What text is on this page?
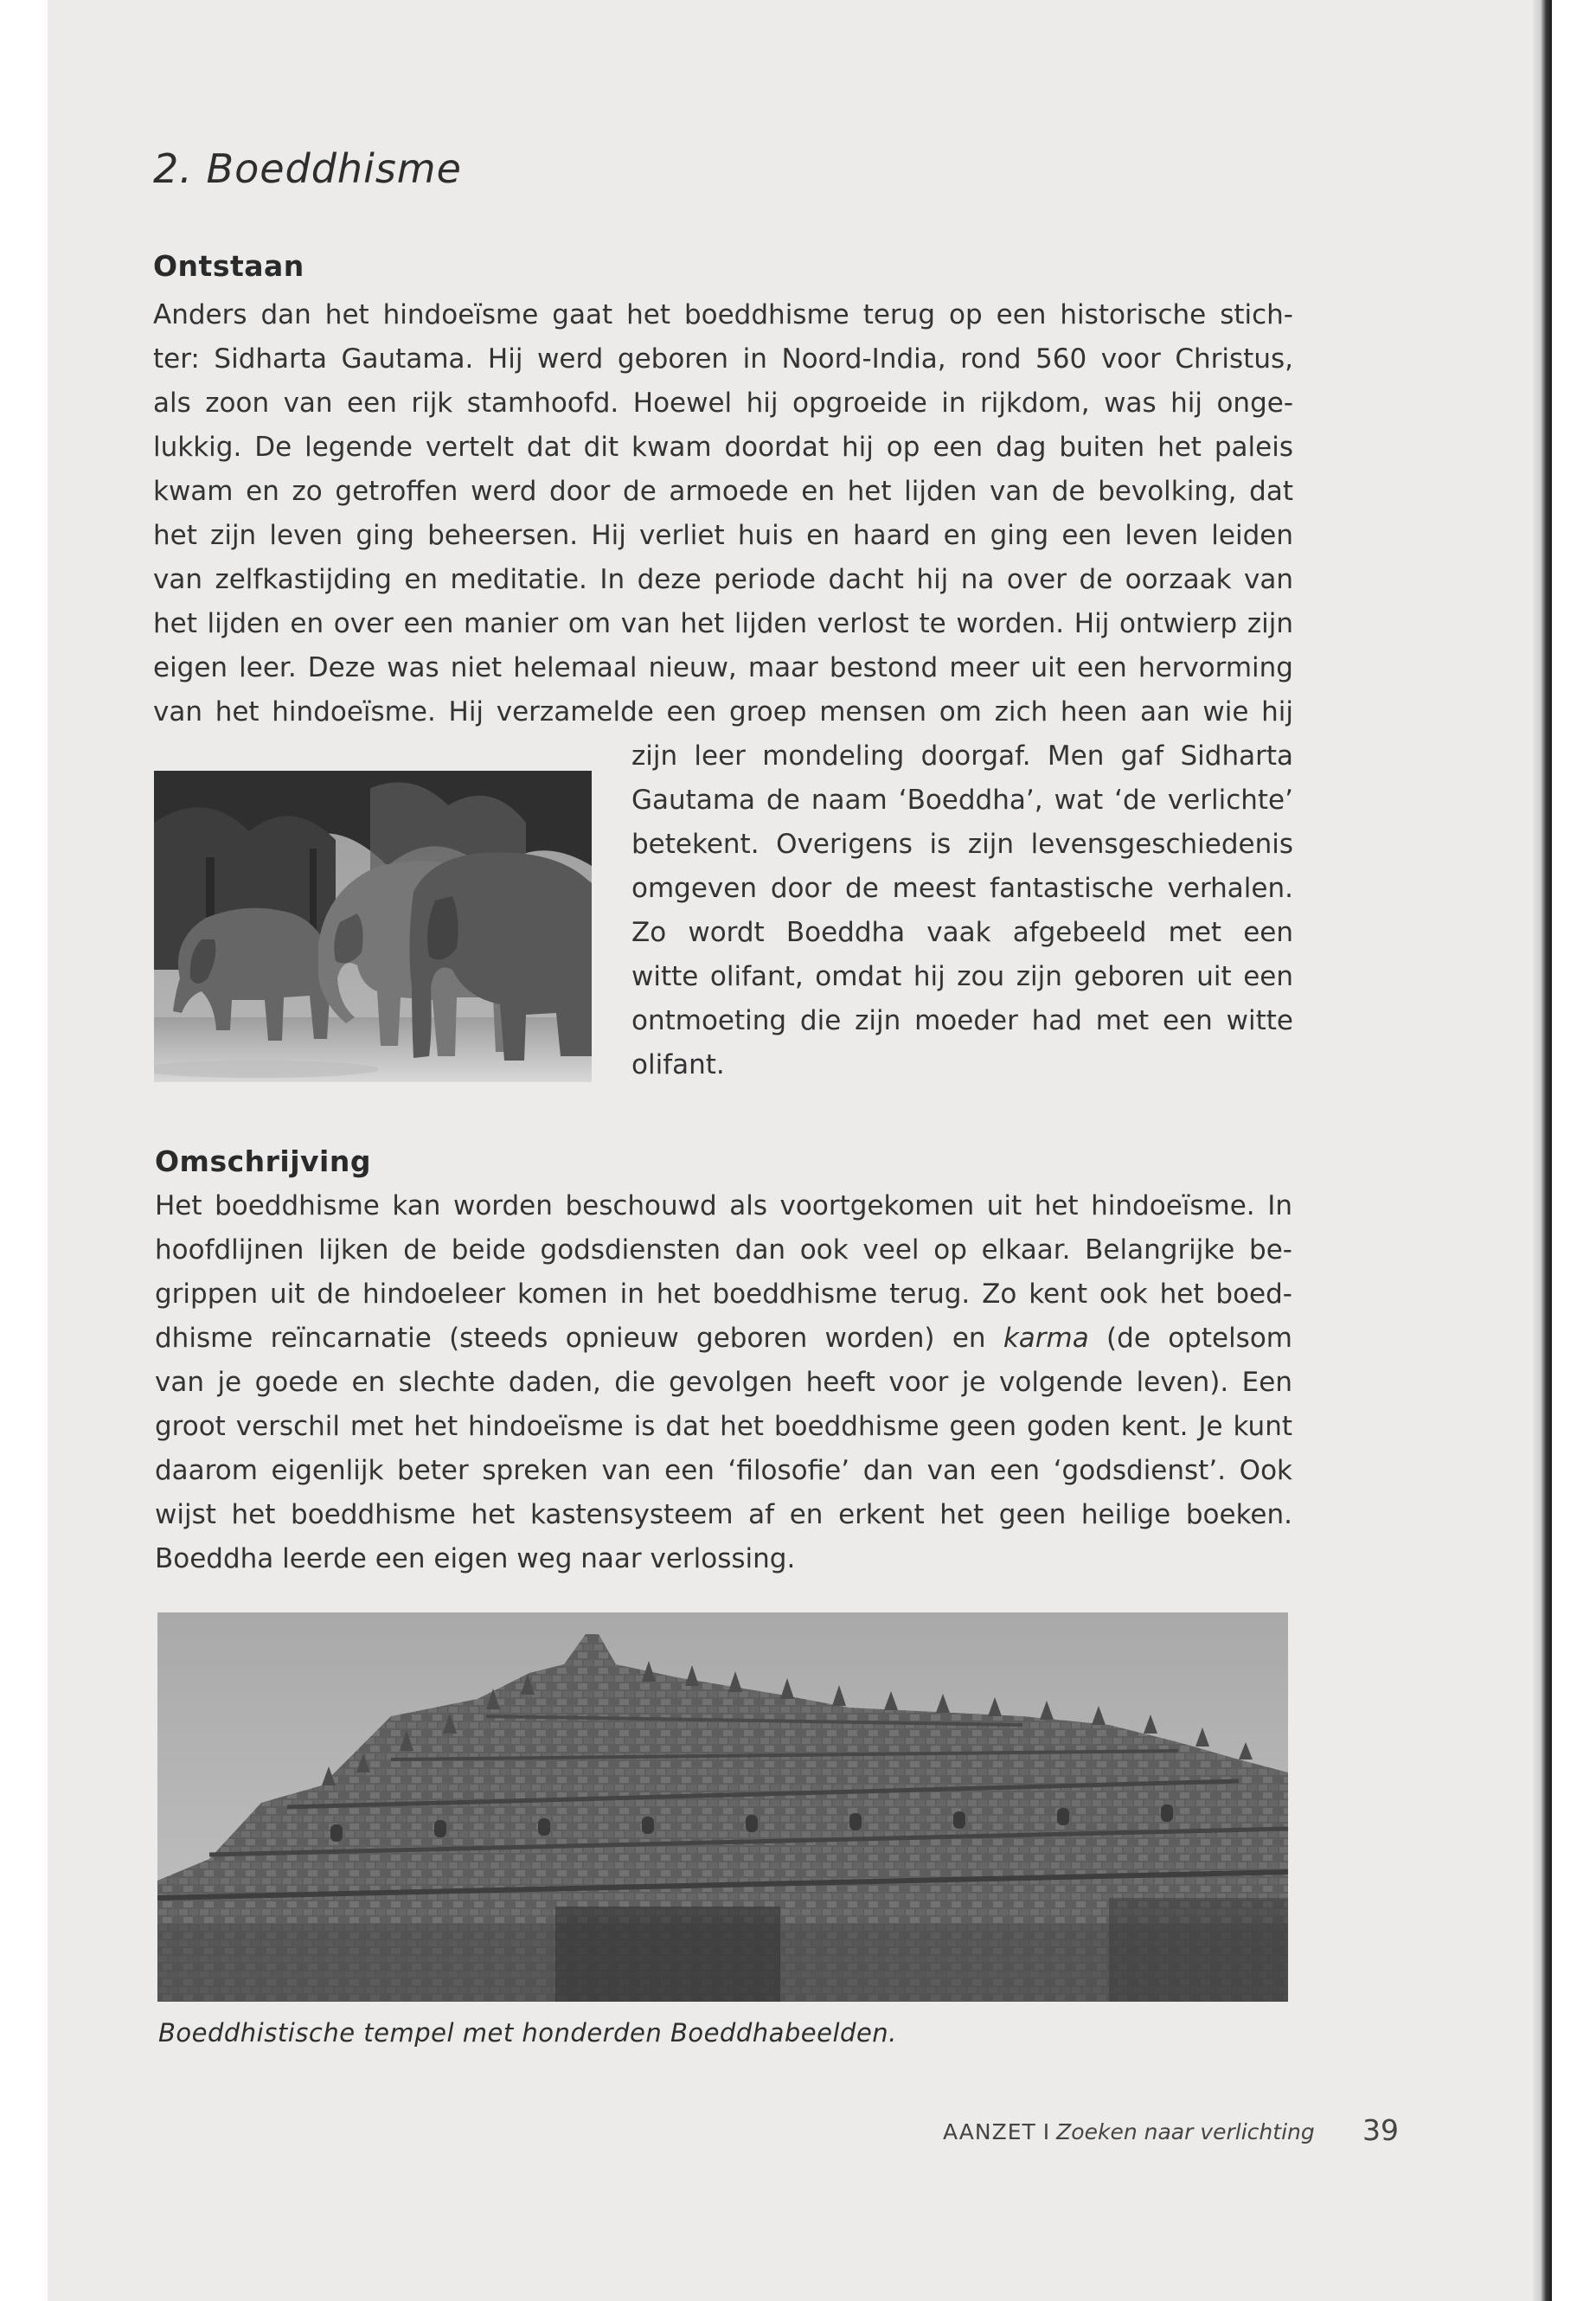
2. Boeddhisme
Ontstaan
Anders dan het hindoeïsme gaat het boeddhisme terug op een historische stich-
ter: Sidharta Gautama. Hij werd geboren in Noord-India, rond 560 voor Christus,
als zoon van een rijk stamhoofd. Hoewel hij opgroeide in rijkdom, was hij onge-
lukkig. De legende vertelt dat dit kwam doordat hij op een dag buiten het paleis
kwam en zo getroffen werd door de armoede en het lijden van de bevolking, dat
het zijn leven ging beheersen. Hij verliet huis en haard en ging een leven leiden
van zelfkastijding en meditatie. In deze periode dacht hij na over de oorzaak van
het lijden en over een manier om van het lijden verlost te worden. Hij ontwierp zijn
eigen leer. Deze was niet helemaal nieuw, maar bestond meer uit een hervorming
van het hindoeïsme. Hij verzamelde een groep mensen om zich heen aan wie hij
zijn leer mondeling doorgaf. Men gaf Sidharta
Gautama de naam ‘Boeddha’, wat ‘de verlichte’
betekent. Overigens is zijn levensgeschiedenis
omgeven door de meest fantastische verhalen.
Zo wordt Boeddha vaak afgebeeld met een
witte olifant, omdat hij zou zijn geboren uit een
ontmoeting die zijn moeder had met een witte
olifant.
Omschrijving
Het boeddhisme kan worden beschouwd als voortgekomen uit het hindoeïsme. In
hoofdlijnen lijken de beide godsdiensten dan ook veel op elkaar. Belangrijke be-
grippen uit de hindoeleer komen in het boeddhisme terug. Zo kent ook het boed-
dhisme reïncarnatie (steeds opnieuw geboren worden) en karma (de optelsom
van je goede en slechte daden, die gevolgen heeft voor je volgende leven). Een
groot verschil met het hindoeïsme is dat het boeddhisme geen goden kent. Je kunt
daarom eigenlijk beter spreken van een ‘filosofie’ dan van een ‘godsdienst’. Ook
wijst het boeddhisme het kastensysteem af en erkent het geen heilige boeken.
Boeddha leerde een eigen weg naar verlossing.

Boeddhistische tempel met honderden Boeddhabeelden.

AANZET I Zoeken naar verlichting	39
